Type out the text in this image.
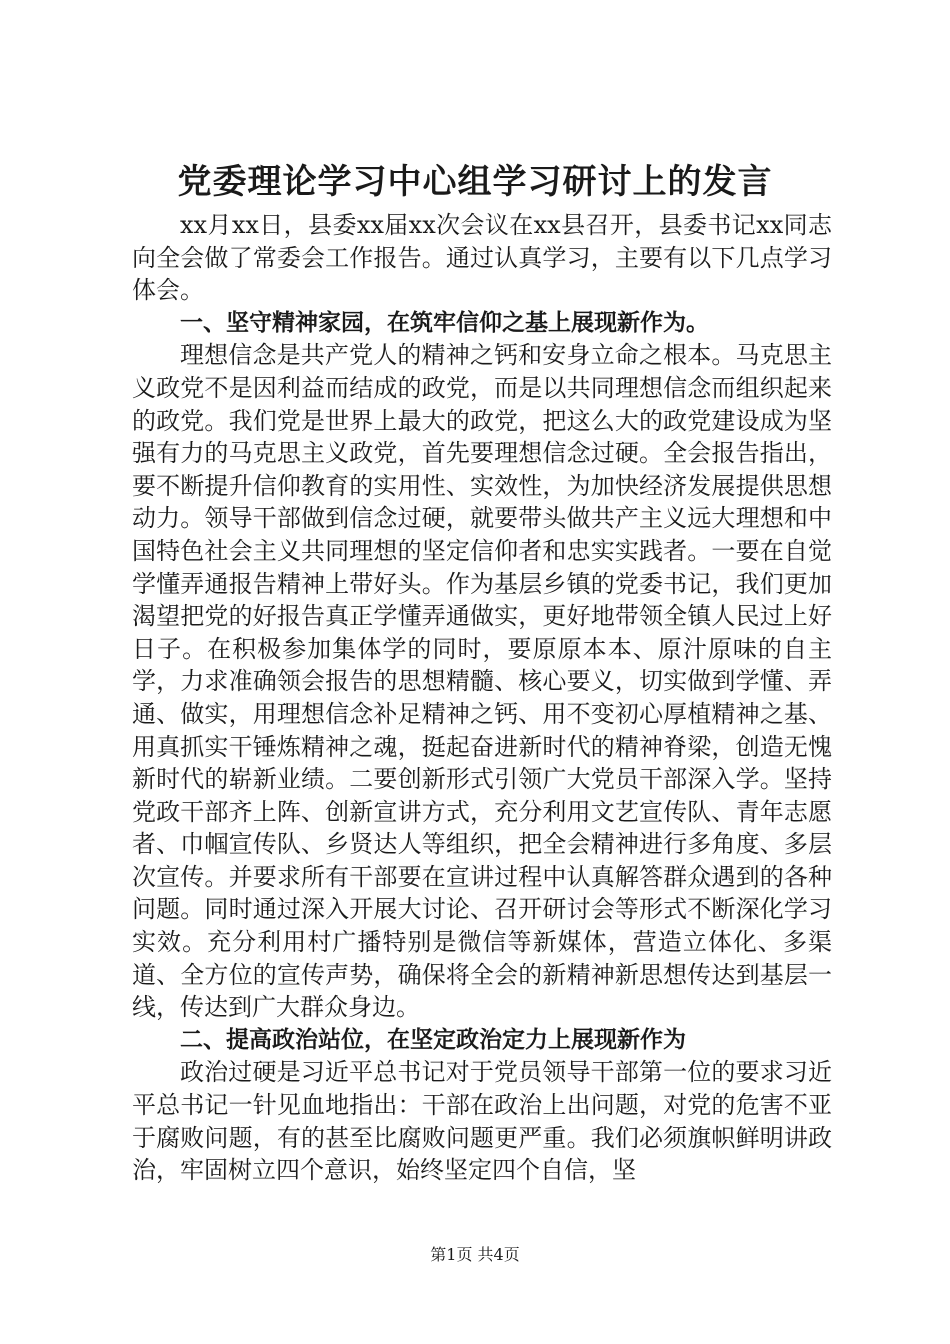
党委理论学习中心组学习研讨上的发言

xx月xx日，县委xx届xx次会议在xx县召开，县委书记xx同志向全会做了常委会工作报告。通过认真学习，主要有以下几点学习体会。

一、坚守精神家园，在筑牢信仰之基上展现新作为。

理想信念是共产党人的精神之钙和安身立命之根本。马克思主义政党不是因利益而结成的政党，而是以共同理想信念而组织起来的政党。我们党是世界上最大的政党，把这么大的政党建设成为坚强有力的马克思主义政党，首先要理想信念过硬。全会报告指出，要不断提升信仰教育的实用性、实效性，为加快经济发展提供思想动力。领导干部做到信念过硬，就要带头做共产主义远大理想和中国特色社会主义共同理想的坚定信仰者和忠实实践者。一要在自觉学懂弄通报告精神上带好头。作为基层乡镇的党委书记，我们更加渴望把党的好报告真正学懂弄通做实，更好地带领全镇人民过上好日子。在积极参加集体学的同时，要原原本本、原汁原味的自主学，力求准确领会报告的思想精髓、核心要义，切实做到学懂、弄通、做实，用理想信念补足精神之钙、用不变初心厚植精神之基、用真抓实干锤炼精神之魂，挺起奋进新时代的精神脊梁，创造无愧新时代的崭新业绩。二要创新形式引领广大党员干部深入学。坚持党政干部齐上阵、创新宣讲方式，充分利用文艺宣传队、青年志愿者、巾帼宣传队、乡贤达人等组织，把全会精神进行多角度、多层次宣传。并要求所有干部要在宣讲过程中认真解答群众遇到的各种问题。同时通过深入开展大讨论、召开研讨会等形式不断深化学习实效。充分利用村广播特别是微信等新媒体，营造立体化、多渠道、全方位的宣传声势，确保将全会的新精神新思想传达到基层一线，传达到广大群众身边。

二、提高政治站位，在坚定政治定力上展现新作为

政治过硬是习近平总书记对于党员领导干部第一位的要求习近平总书记一针见血地指出：干部在政治上出问题，对党的危害不亚于腐败问题，有的甚至比腐败问题更严重。我们必须旗帜鲜明讲政治，牢固树立四个意识，始终坚定四个自信，坚

第1页 共4页
